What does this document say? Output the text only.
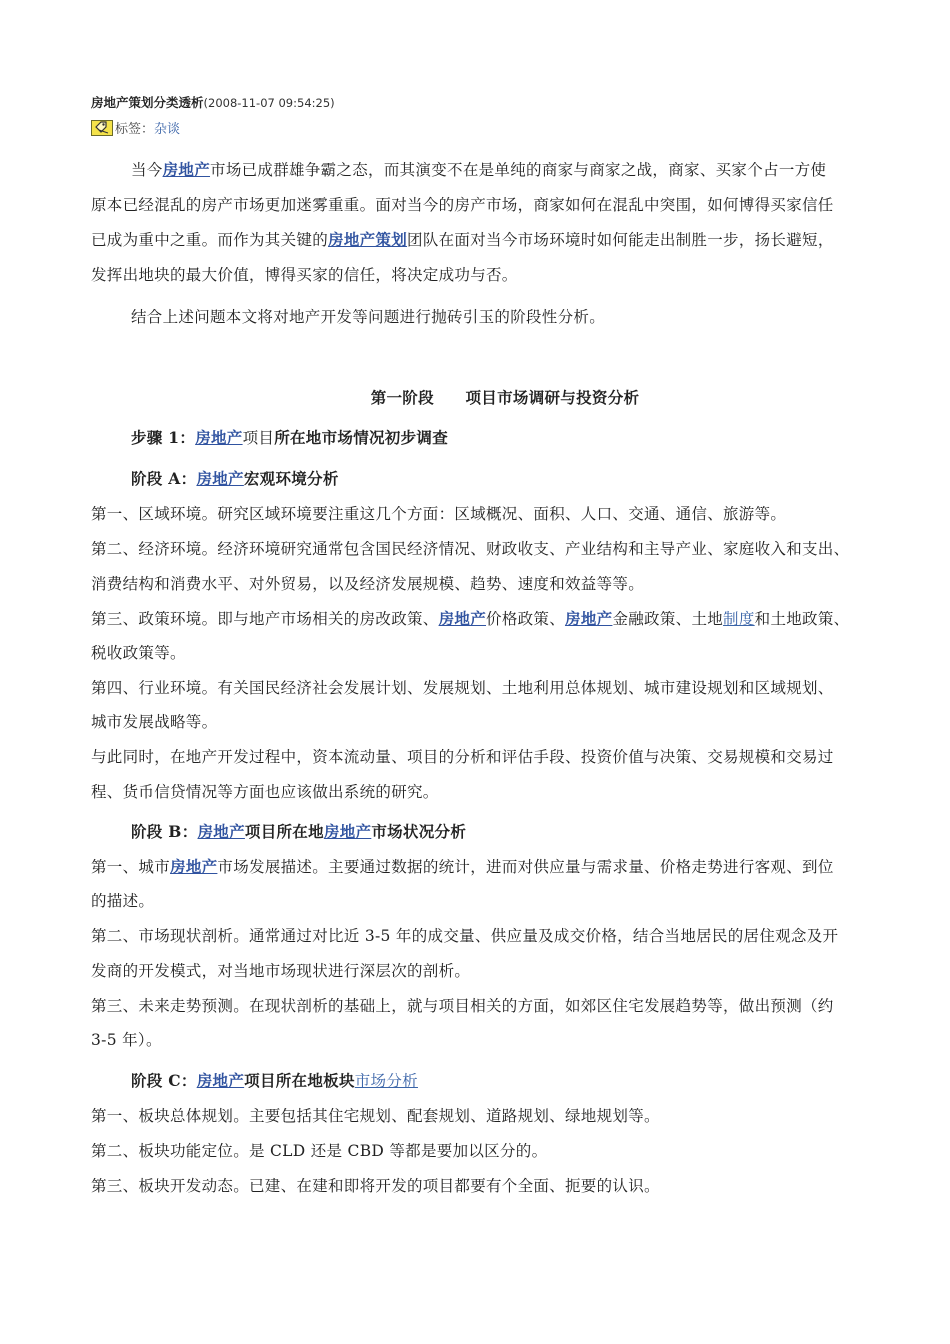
房地产策划分类透析(2008-11-07 09:54:25)
标签： 杂谈
当今房地产市场已成群雄争霸之态，而其演变不在是单纯的商家与商家之战，商家、买家个占一方使
原本已经混乱的房产市场更加迷雾重重。面对当今的房产市场，商家如何在混乱中突围，如何博得买家信任
已成为重中之重。而作为其关键的房地产策划团队在面对当今市场环境时如何能走出制胜一步，扬长避短，
发挥出地块的最大价值，博得买家的信任，将决定成功与否。
结合上述问题本文将对地产开发等问题进行抛砖引玉的阶段性分析。
第一阶段　　项目市场调研与投资分析
步骤 1：房地产项目所在地市场情况初步调查
阶段 A：房地产宏观环境分析
第一、区域环境。研究区域环境要注重这几个方面：区域概况、面积、人口、交通、通信、旅游等。
第二、经济环境。经济环境研究通常包含国民经济情况、财政收支、产业结构和主导产业、家庭收入和支出、
消费结构和消费水平、对外贸易，以及经济发展规模、趋势、速度和效益等等。
第三、政策环境。即与地产市场相关的房改政策、房地产价格政策、房地产金融政策、土地制度和土地政策、
税收政策等。
第四、行业环境。有关国民经济社会发展计划、发展规划、土地利用总体规划、城市建设规划和区域规划、
城市发展战略等。
与此同时，在地产开发过程中，资本流动量、项目的分析和评估手段、投资价值与决策、交易规模和交易过
程、货币信贷情况等方面也应该做出系统的研究。
阶段 B：房地产项目所在地房地产市场状况分析
第一、城市房地产市场发展描述。主要通过数据的统计，进而对供应量与需求量、价格走势进行客观、到位
的描述。
第二、市场现状剖析。通常通过对比近 3-5 年的成交量、供应量及成交价格，结合当地居民的居住观念及开
发商的开发模式，对当地市场现状进行深层次的剖析。
第三、未来走势预测。在现状剖析的基础上，就与项目相关的方面，如郊区住宅发展趋势等，做出预测（约
3-5 年）。
阶段 C：房地产项目所在地板块市场分析
第一、板块总体规划。主要包括其住宅规划、配套规划、道路规划、绿地规划等。
第二、板块功能定位。是 CLD 还是 CBD 等都是要加以区分的。
第三、板块开发动态。已建、在建和即将开发的项目都要有个全面、扼要的认识。
